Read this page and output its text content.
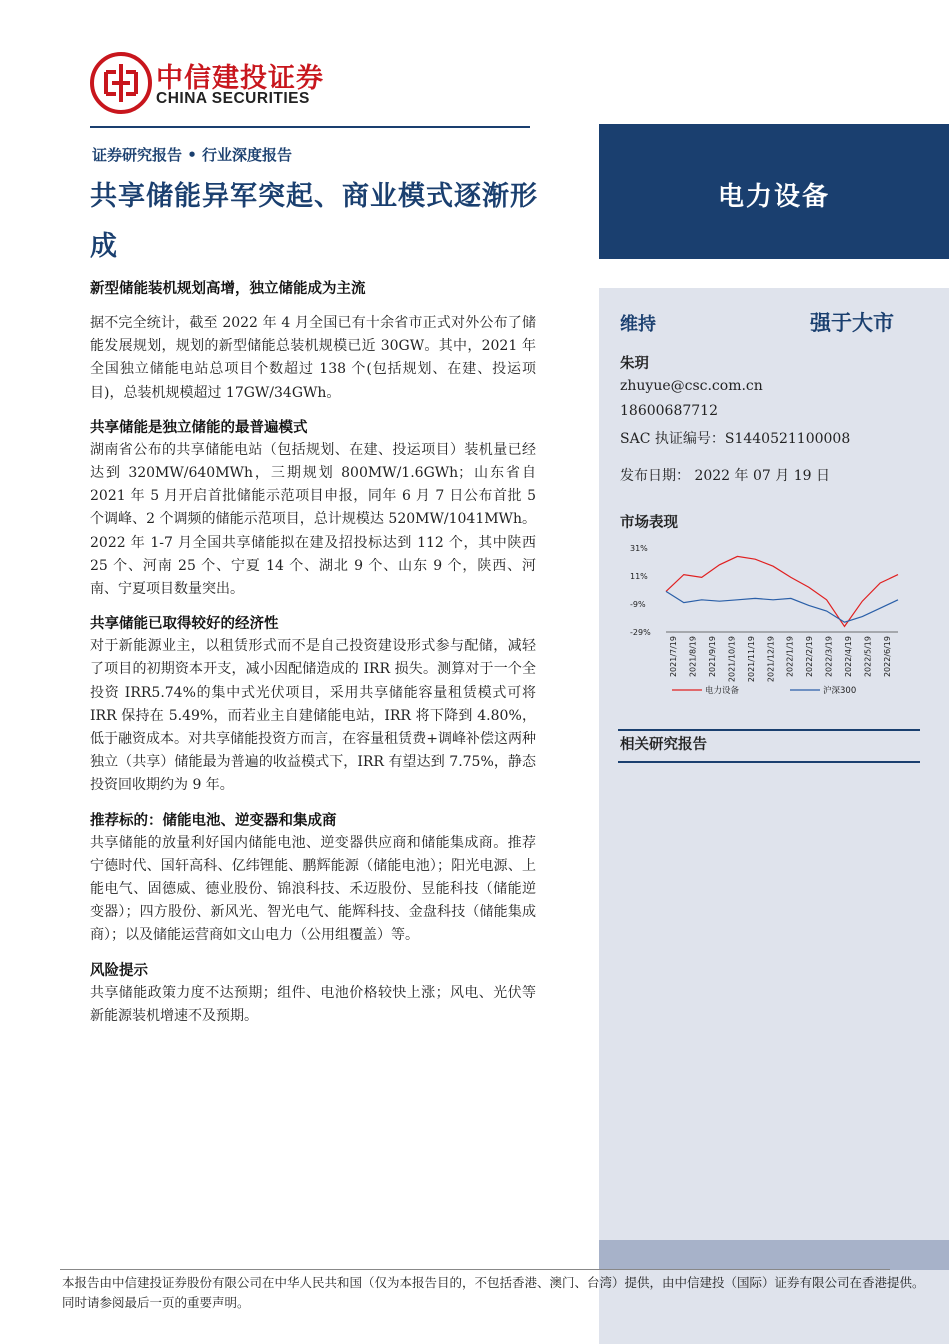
中信建投证券
CHINA SECURITIES
证券研究报告 • 行业深度报告
共享储能异军突起、商业模式逐渐形成

新型储能装机规划高增，独立储能成为主流

据不完全统计，截至 2022 年 4 月全国已有十余省市正式对外公布了储能发展规划，规划的新型储能总装机规模已近 30GW。其中，2021 年全国独立储能电站总项目个数超过 138 个(包括规划、在建、投运项目)，总装机规模超过 17GW/34GWh。

共享储能是独立储能的最普遍模式

湖南省公布的共享储能电站（包括规划、在建、投运项目）装机量已经达到 320MW/640MWh，三期规划 800MW/1.6GWh；山东省自 2021 年 5 月开启首批储能示范项目申报，同年 6 月 7 日公布首批 5 个调峰、2 个调频的储能示范项目，总计规模达 520MW/1041MWh。2022 年 1-7 月全国共享储能拟在建及招投标达到 112 个，其中陕西 25 个、河南 25 个、宁夏 14 个、湖北 9 个、山东 9 个，陕西、河南、宁夏项目数量突出。

共享储能已取得较好的经济性

对于新能源业主，以租赁形式而不是自己投资建设形式参与配储，减轻了项目的初期资本开支，减小因配储造成的 IRR 损失。测算对于一个全投资 IRR5.74%的集中式光伏项目，采用共享储能容量租赁模式可将 IRR 保持在 5.49%，而若业主自建储能电站，IRR 将下降到 4.80%，低于融资成本。对共享储能投资方而言，在容量租赁费+调峰补偿这两种独立（共享）储能最为普遍的收益模式下，IRR 有望达到 7.75%，静态投资回收期约为 9 年。

推荐标的：储能电池、逆变器和集成商

共享储能的放量利好国内储能电池、逆变器供应商和储能集成商。推荐宁德时代、国轩高科、亿纬锂能、鹏辉能源（储能电池）；阳光电源、上能电气、固德威、德业股份、锦浪科技、禾迈股份、昱能科技（储能逆变器）；四方股份、新风光、智光电气、能辉科技、金盘科技（储能集成商）；以及储能运营商如文山电力（公用组覆盖）等。

风险提示

共享储能政策力度不达预期；组件、电池价格较快上涨；风电、光伏等新能源装机增速不及预期。

电力设备
维持	强于大市
朱玥
zhuyue@csc.com.cn
18600687712
SAC 执证编号：S1440521100008
发布日期： 2022 年 07 月 19 日
市场表现
31%
11%
-9%
-29%
2021/7/19 2021/8/19 2021/9/19 2021/10/19 2021/11/19 2021/12/19 2022/1/19 2022/2/19 2022/3/19 2022/4/19 2022/5/19 2022/6/19
电力设备	沪深300
相关研究报告
本报告由中信建投证券股份有限公司在中华人民共和国（仅为本报告目的，不包括香港、澳门、台湾）提供，由中信建投（国际）证券有限公司在香港提供。同时请参阅最后一页的重要声明。
